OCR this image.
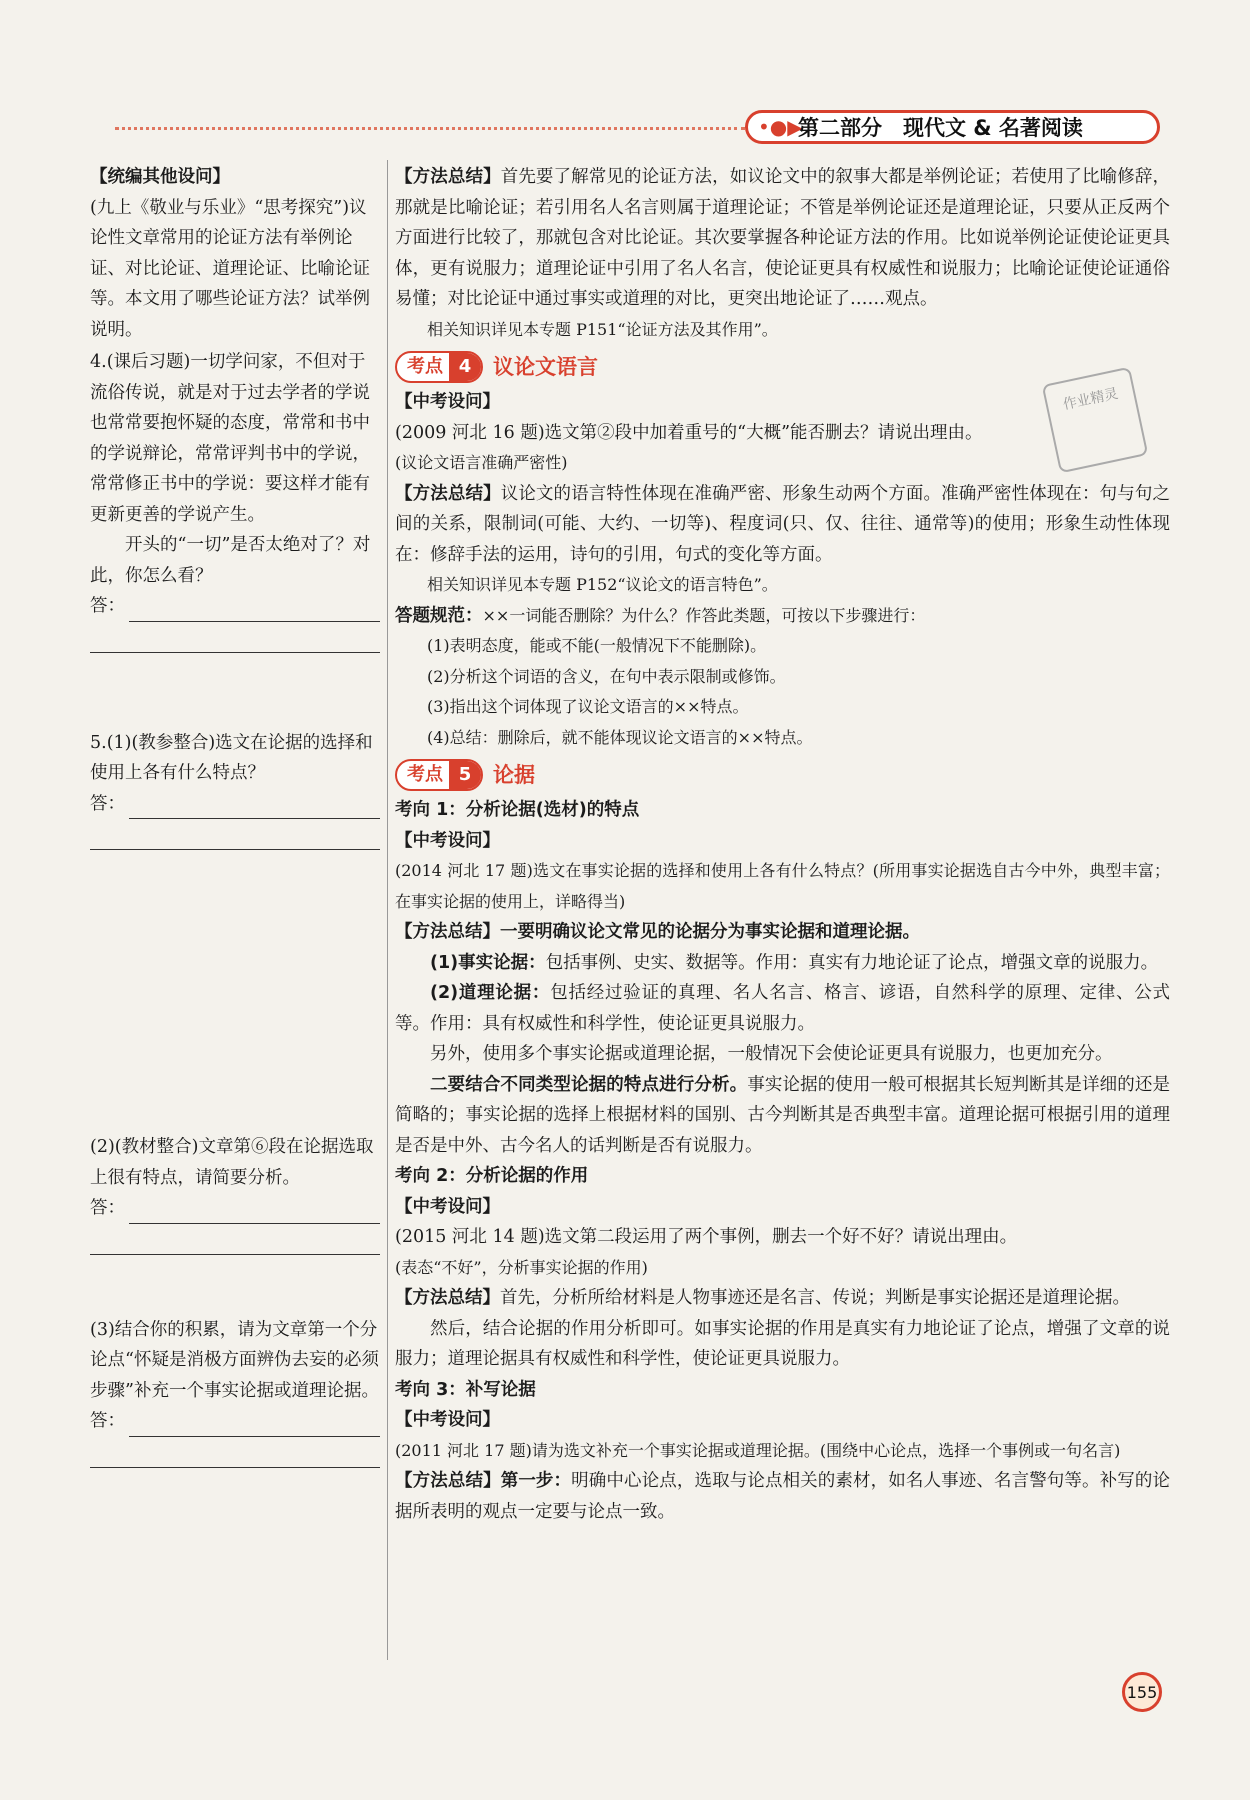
•●▶
第二部分　现代文 & 名著阅读

【统编其他设问】

(九上《敬业与乐业》“思考探究”)议论性文章常用的论证方法有举例论证、对比论证、道理论证、比喻论证等。本文用了哪些论证方法？试举例说明。

4.(课后习题)一切学问家，不但对于流俗传说，就是对于过去学者的学说也常常要抱怀疑的态度，常常和书中的学说辩论，常常评判书中的学说，常常修正书中的学说：要这样才能有更新更善的学说产生。

开头的“一切”是否太绝对了？对此，你怎么看？

答：

5.(1)(教参整合)选文在论据的选择和使用上各有什么特点？

答：

(2)(教材整合)文章第⑥段在论据选取上很有特点，请简要分析。

答：

(3)结合你的积累，请为文章第一个分论点“怀疑是消极方面辨伪去妄的必须步骤”补充一个事实论据或道理论据。

答：

【方法总结】首先要了解常见的论证方法，如议论文中的叙事大都是举例论证；若使用了比喻修辞，那就是比喻论证；若引用名人名言则属于道理论证；不管是举例论证还是道理论证，只要从正反两个方面进行比较了，那就包含对比论证。其次要掌握各种论证方法的作用。比如说举例论证使论证更具体，更有说服力；道理论证中引用了名人名言，使论证更具有权威性和说服力；比喻论证使论证通俗易懂；对比论证中通过事实或道理的对比，更突出地论证了……观点。

相关知识详见本专题 P151“论证方法及其作用”。

考点 4	议论文语言

【中考设问】

(2009 河北 16 题)选文第②段中加着重号的“大概”能否删去？请说出理由。

(议论文语言准确严密性)

【方法总结】议论文的语言特性体现在准确严密、形象生动两个方面。准确严密性体现在：句与句之间的关系，限制词(可能、大约、一切等)、程度词(只、仅、往往、通常等)的使用；形象生动性体现在：修辞手法的运用，诗句的引用，句式的变化等方面。

相关知识详见本专题 P152“议论文的语言特色”。

答题规范：××一词能否删除？为什么？作答此类题，可按以下步骤进行：

(1)表明态度，能或不能(一般情况下不能删除)。

(2)分析这个词语的含义，在句中表示限制或修饰。

(3)指出这个词体现了议论文语言的××特点。

(4)总结：删除后，就不能体现议论文语言的××特点。

考点 5	论据

考向 1：分析论据(选材)的特点

【中考设问】

(2014 河北 17 题)选文在事实论据的选择和使用上各有什么特点？(所用事实论据选自古今中外，典型丰富；在事实论据的使用上，详略得当)

【方法总结】一要明确议论文常见的论据分为事实论据和道理论据。

(1)事实论据：包括事例、史实、数据等。作用：真实有力地论证了论点，增强文章的说服力。

(2)道理论据：包括经过验证的真理、名人名言、格言、谚语，自然科学的原理、定律、公式等。作用：具有权威性和科学性，使论证更具说服力。

另外，使用多个事实论据或道理论据，一般情况下会使论证更具有说服力，也更加充分。

二要结合不同类型论据的特点进行分析。事实论据的使用一般可根据其长短判断其是详细的还是简略的；事实论据的选择上根据材料的国别、古今判断其是否典型丰富。道理论据可根据引用的道理是否是中外、古今名人的话判断是否有说服力。

考向 2：分析论据的作用

【中考设问】

(2015 河北 14 题)选文第二段运用了两个事例，删去一个好不好？请说出理由。

(表态“不好”，分析事实论据的作用)

【方法总结】首先，分析所给材料是人物事迹还是名言、传说；判断是事实论据还是道理论据。

然后，结合论据的作用分析即可。如事实论据的作用是真实有力地论证了论点，增强了文章的说服力；道理论据具有权威性和科学性，使论证更具说服力。

考向 3：补写论据

【中考设问】

(2011 河北 17 题)请为选文补充一个事实论据或道理论据。(围绕中心论点，选择一个事例或一句名言)

【方法总结】第一步：明确中心论点，选取与论点相关的素材，如名人事迹、名言警句等。补写的论据所表明的观点一定要与论点一致。

作业精灵
155
